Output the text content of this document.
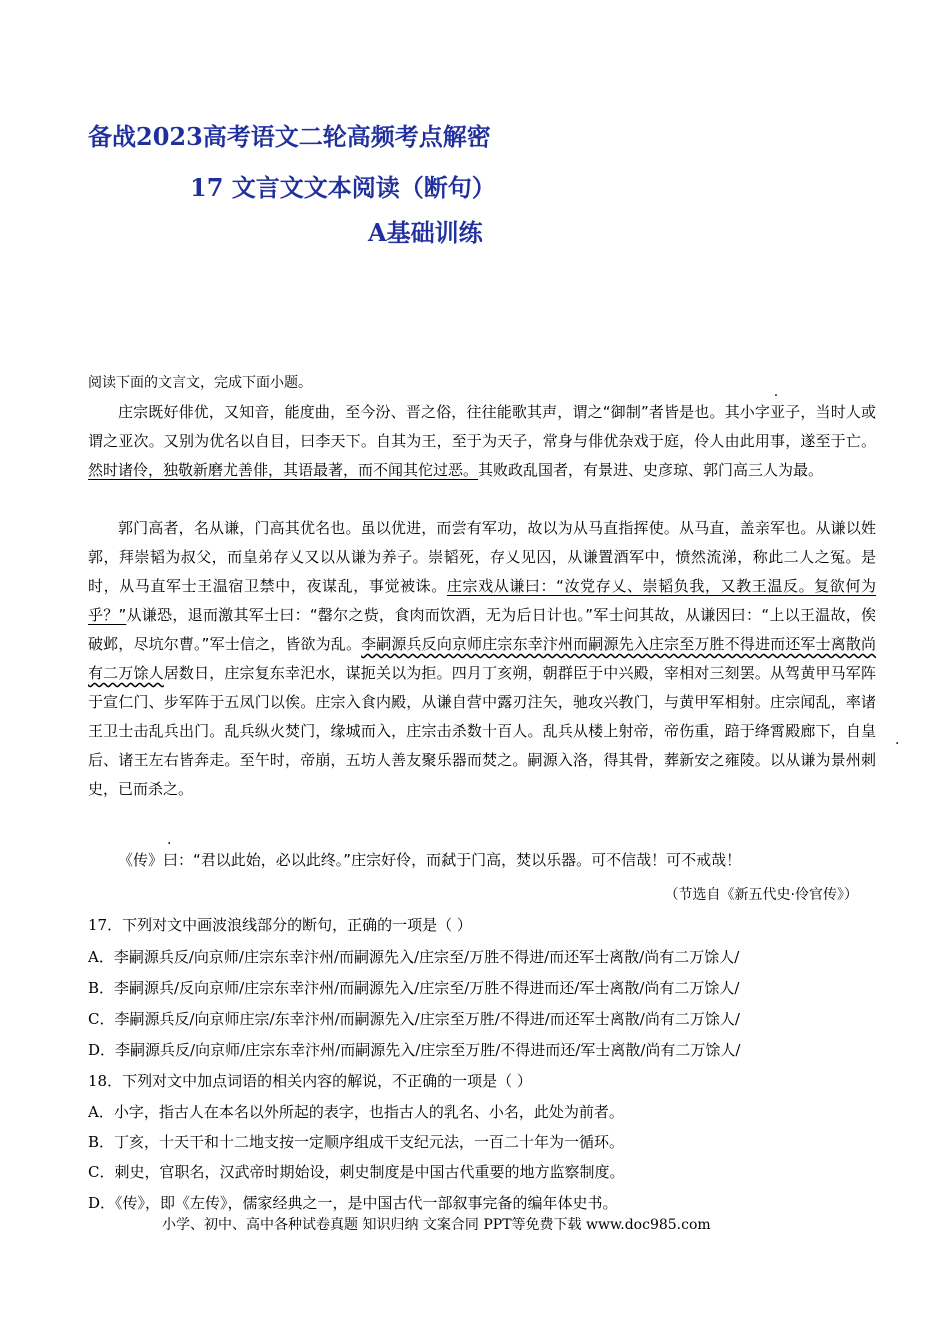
备战2023高考语文二轮高频考点解密
17 文言文文本阅读（断句）
A基础训练
阅读下面的文言文，完成下面小题。

庄宗既好俳优，又知音，能度曲，至今汾、晋之俗，往往能歌其声，谓之“御制”者皆是也。其小字亚子，当时人或谓之亚次。又别为优名以自目，曰李天下。自其为王，至于为天子，常身与俳优杂戏于庭，伶人由此用事，遂至于亡。然时诸伶，独敬新磨尤善俳，其语最著，而不闻其佗过恶。其败政乱国者，有景进、史彦琼、郭门高三人为最。

郭门高者，名从谦，门高其优名也。虽以优进，而尝有军功，故以为从马直指挥使。从马直，盖亲军也。从谦以姓郭，拜崇韬为叔父，而皇弟存乂又以从谦为养子。崇韬死，存乂见囚，从谦置酒军中，愤然流涕，称此二人之冤。是时，从马直军士王温宿卫禁中，夜谋乱，事觉被诛。庄宗戏从谦曰：“汝党存乂、崇韬负我，又教王温反。复欲何为乎？”从谦恐，退而激其军士曰：“罄尔之赀，食肉而饮酒，无为后日计也。”军士问其故，从谦因曰：“上以王温故，俟破邺，尽坑尔曹。”军士信之，皆欲为乱。李嗣源兵反向京师庄宗东幸汴州而嗣源先入庄宗至万胜不得进而还军士离散尚有二万馀人居数日，庄宗复东幸汜水，谋扼关以为拒。四月丁亥朔，朝群臣于中兴殿，宰相对三刻罢。从驾黄甲马军阵于宣仁门、步军阵于五凤门以俟。庄宗入食内殿，从谦自营中露刃注矢，驰攻兴教门，与黄甲军相射。庄宗闻乱，率诸王卫士击乱兵出门。乱兵纵火焚门，缘城而入，庄宗击杀数十百人。乱兵从楼上射帝，帝伤重，踣于绛霄殿廊下，自皇后、诸王左右皆奔走。至午时，帝崩，五坊人善友聚乐器而焚之。嗣源入洛，得其骨，葬新安之雍陵。以从谦为景州刺史，已而杀之。

《· 传》曰：“君以此始，必以此终。”庄宗好伶，而弑于门高，焚以乐器。可不信哉！可不戒哉！

（节选自《新五代史·伶官传》）
17．下列对文中画波浪线部分的断句，正确的一项是（ ）
A．李嗣源兵反/向京师/庄宗东幸汴州/而嗣源先入/庄宗至/万胜不得进/而还军士离散/尚有二万馀人/
B．李嗣源兵/反向京师/庄宗东幸汴州/而嗣源先入/庄宗至/万胜不得进而还/军士离散/尚有二万馀人/
C．李嗣源兵反/向京师庄宗/东幸汴州/而嗣源先入/庄宗至万胜/不得进/而还军士离散/尚有二万馀人/
D．李嗣源兵反/向京师/庄宗东幸汴州/而嗣源先入/庄宗至万胜/不得进而还/军士离散/尚有二万馀人/
18．下列对文中加点词语的相关内容的解说，不正确的一项是（ ）
A．小字，指古人在本名以外所起的表字，也指古人的乳名、小名，此处为前者。
B．丁亥，十天干和十二地支按一定顺序组成干支纪元法，一百二十年为一循环。
C．刺史，官职名，汉武帝时期始设，刺史制度是中国古代重要的地方监察制度。
D．《传》，即《左传》，儒家经典之一，是中国古代一部叙事完备的编年体史书。
小学、初中、高中各种试卷真题 知识归纳 文案合同 PPT等免费下载 www.doc985.com
